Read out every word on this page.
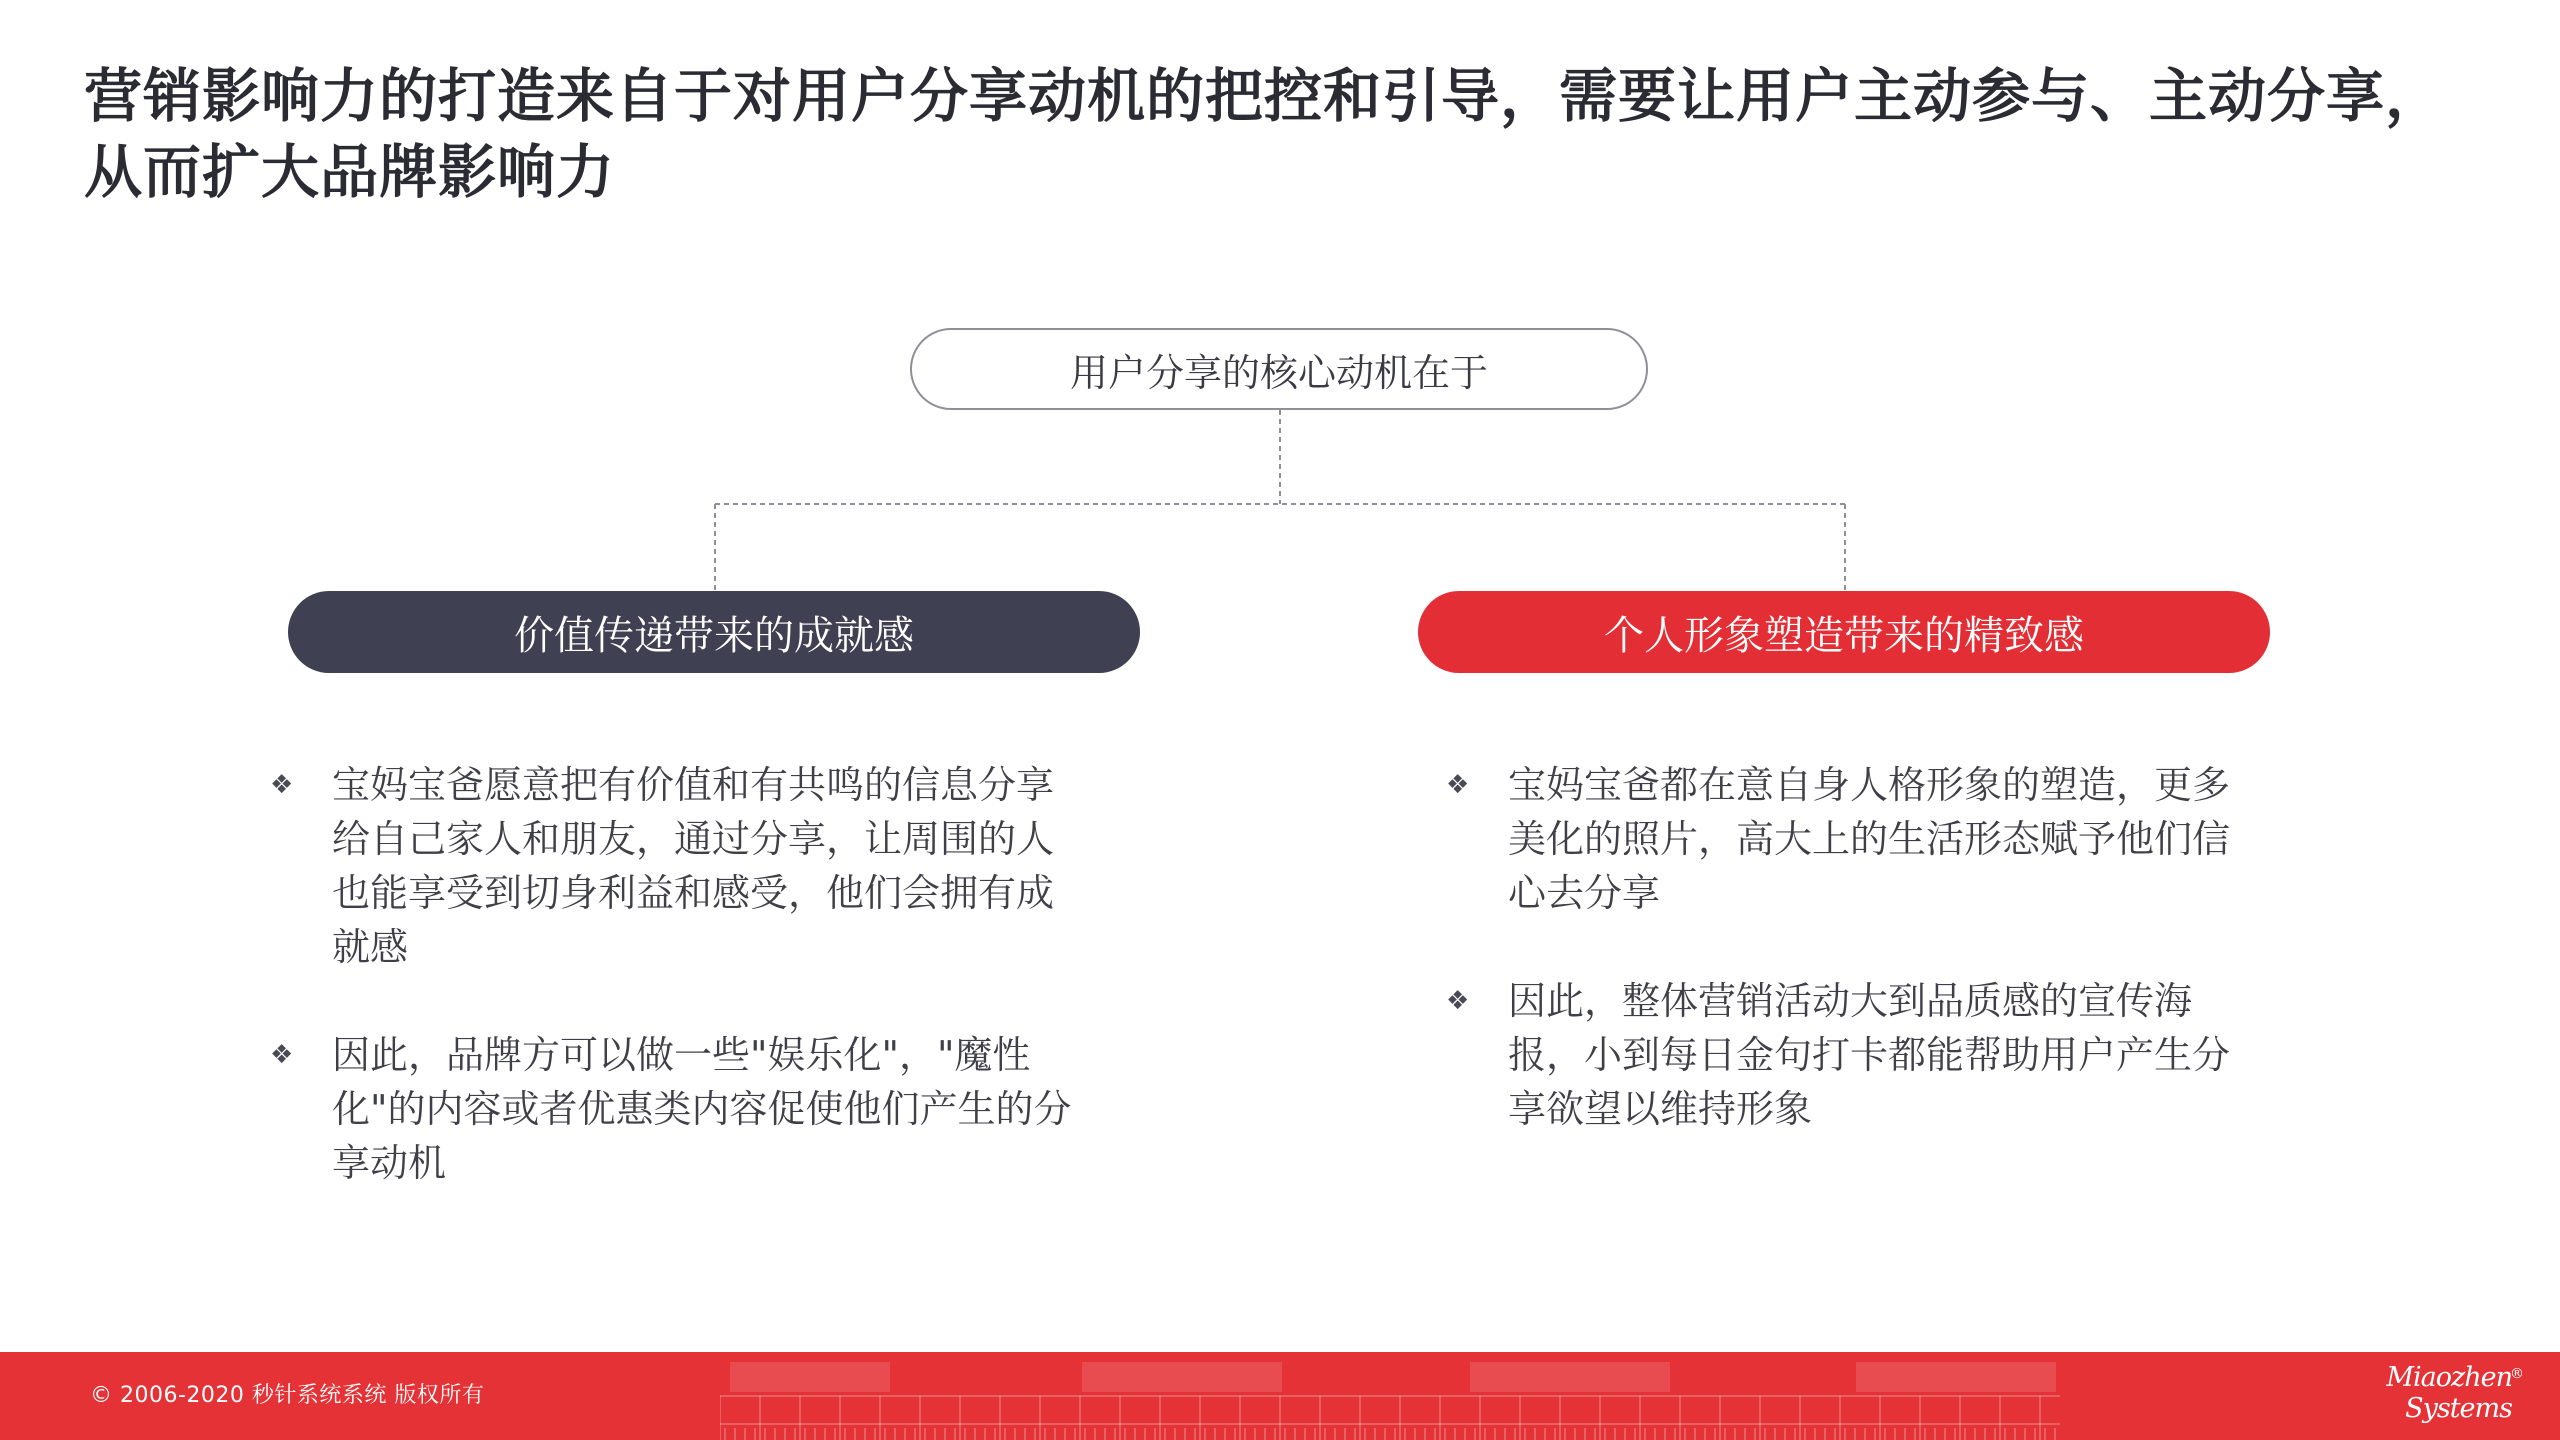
营销影响力的打造来自于对用户分享动机的把控和引导，需要让用户主动参与、主动分享，从而扩大品牌影响力
用户分享的核心动机在于
价值传递带来的成就感	个人形象塑造带来的精致感
❖ 宝妈宝爸愿意把有价值和有共鸣的信息分享给自己家人和朋友，通过分享，让周围的人也能享受到切身利益和感受，他们会拥有成就感
❖ 因此，品牌方可以做一些"娱乐化"，"魔性化"的内容或者优惠类内容促使他们产生的分享动机
❖ 宝妈宝爸都在意自身人格形象的塑造，更多美化的照片，高大上的生活形态赋予他们信心去分享
❖ 因此，整体营销活动大到品质感的宣传海报，小到每日金句打卡都能帮助用户产生分享欲望以维持形象
© 2006-2020 秒针系统系统 版权所有
Miaozhen
Systems
®
